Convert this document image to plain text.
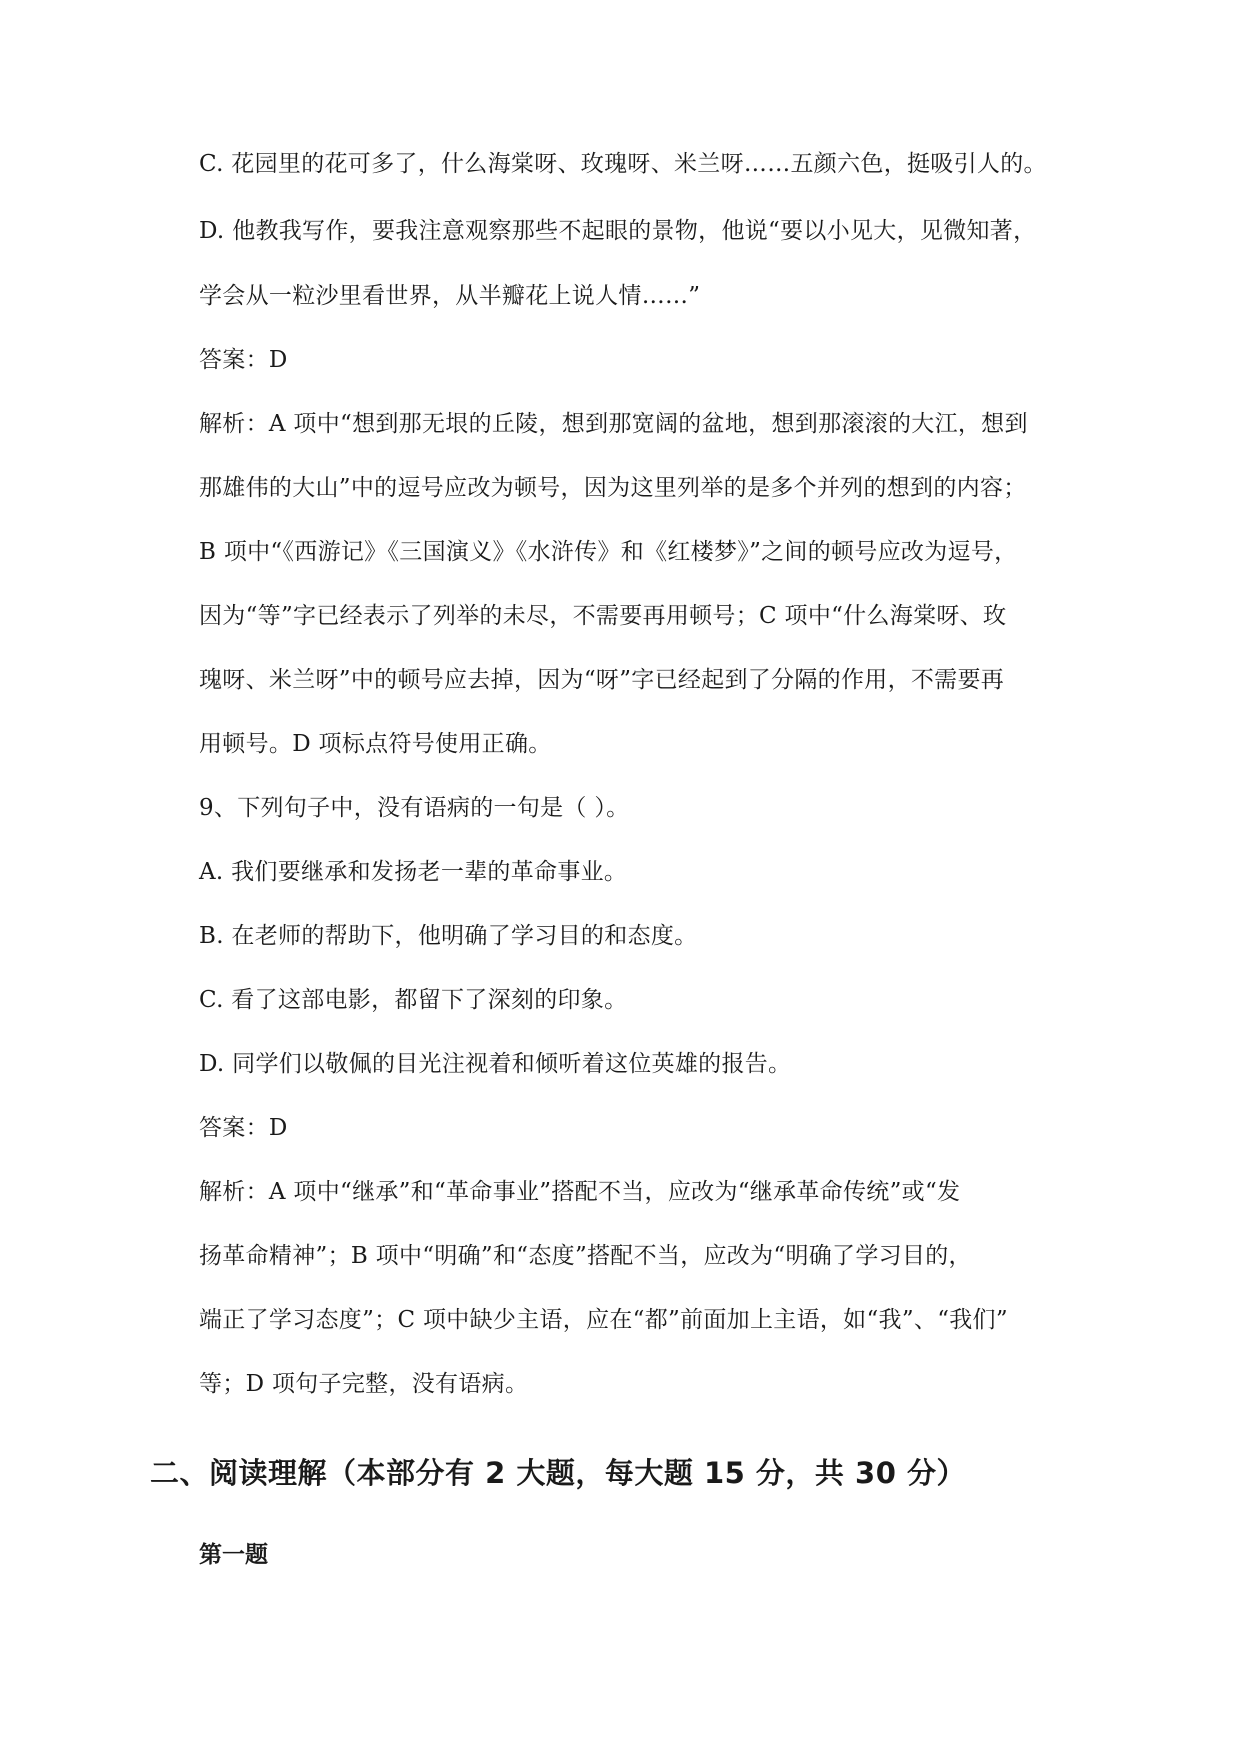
C. 花园里的花可多了，什么海棠呀、玫瑰呀、米兰呀……五颜六色，挺吸引人的。
D. 他教我写作，要我注意观察那些不起眼的景物，他说“要以小见大，见微知著，
学会从一粒沙里看世界，从半瓣花上说人情……”
答案：D
解析：A 项中“想到那无垠的丘陵，想到那宽阔的盆地，想到那滚滚的大江，想到
那雄伟的大山”中的逗号应改为顿号，因为这里列举的是多个并列的想到的内容；
B 项中“《西游记》《三国演义》《水浒传》和《红楼梦》”之间的顿号应改为逗号，
因为“等”字已经表示了列举的未尽，不需要再用顿号；C 项中“什么海棠呀、玫
瑰呀、米兰呀”中的顿号应去掉，因为“呀”字已经起到了分隔的作用，不需要再
用顿号。D 项标点符号使用正确。
9、下列句子中，没有语病的一句是（ ）。
A. 我们要继承和发扬老一辈的革命事业。
B. 在老师的帮助下，他明确了学习目的和态度。
C. 看了这部电影，都留下了深刻的印象。
D. 同学们以敬佩的目光注视着和倾听着这位英雄的报告。
答案：D
解析：A 项中“继承”和“革命事业”搭配不当，应改为“继承革命传统”或“发
扬革命精神”；B 项中“明确”和“态度”搭配不当，应改为“明确了学习目的，
端正了学习态度”；C 项中缺少主语，应在“都”前面加上主语，如“我”、“我们”
等；D 项句子完整，没有语病。
二、阅读理解（本部分有 2 大题，每大题 15 分，共 30 分）
第一题
